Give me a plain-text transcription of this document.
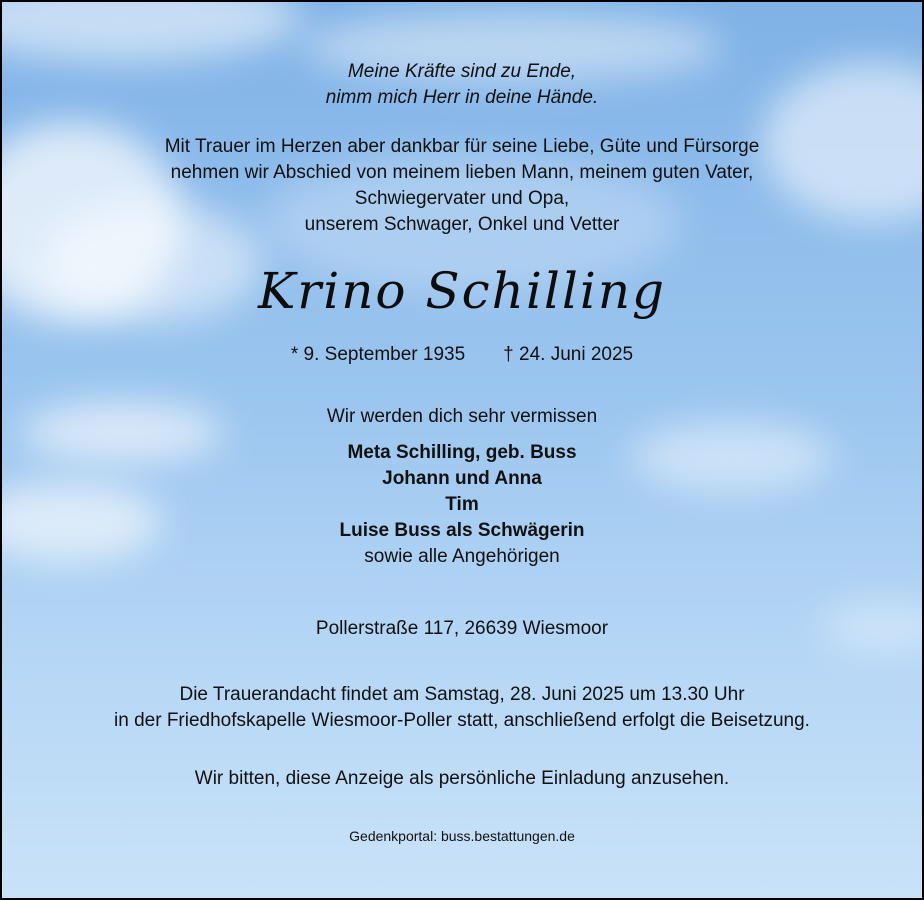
Meine Kräfte sind zu Ende,
nimm mich Herr in deine Hände.
Mit Trauer im Herzen aber dankbar für seine Liebe, Güte und Fürsorge
nehmen wir Abschied von meinem lieben Mann, meinem guten Vater,
Schwiegervater und Opa,
unserem Schwager, Onkel und Vetter
Krino Schilling
* 9. September 1935 † 24. Juni 2025
Wir werden dich sehr vermissen
Meta Schilling, geb. Buss
Johann und Anna
Tim
Luise Buss als Schwägerin
sowie alle Angehörigen
Pollerstraße 117, 26639 Wiesmoor
Die Trauerandacht findet am Samstag, 28. Juni 2025 um 13.30 Uhr
in der Friedhofskapelle Wiesmoor-Poller statt, anschließend erfolgt die Beisetzung.
Wir bitten, diese Anzeige als persönliche Einladung anzusehen.
Gedenkportal: buss.bestattungen.de
